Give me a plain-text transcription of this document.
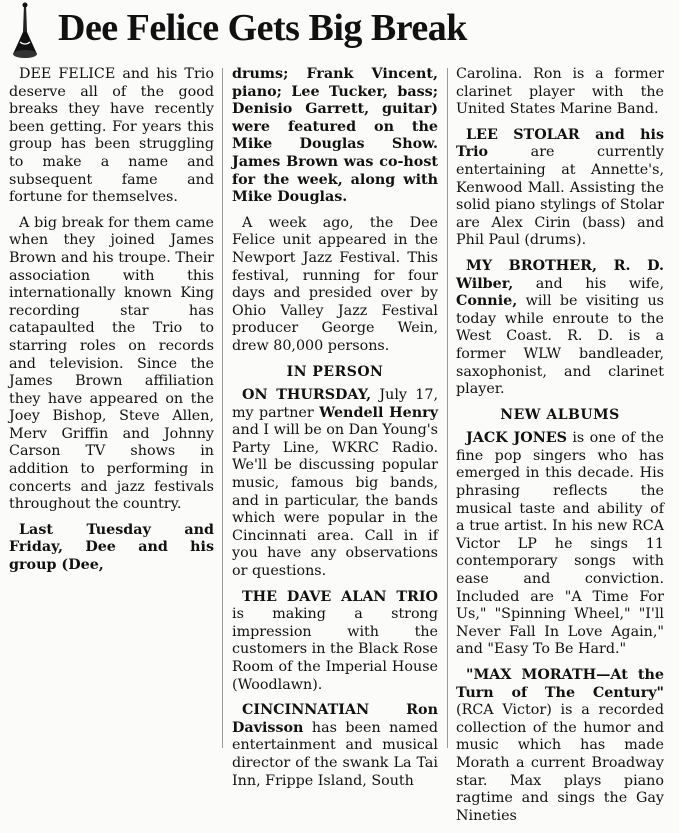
Dee Felice Gets Big Break

DEE FELICE and his Trio deserve all of the good breaks they have recently been getting. For years this group has been struggling to make a name and subsequent fame and fortune for themselves.

A big break for them came when they joined James Brown and his troupe. Their association with this internationally known King recording star has catapaulted the Trio to starring roles on records and television. Since the James Brown affiliation they have appeared on the Joey Bishop, Steve Allen, Merv Griffin and Johnny Carson TV shows in addition to performing in concerts and jazz festivals throughout the country.

Last Tuesday and Friday, Dee and his group (Dee,

drums; Frank Vincent, piano; Lee Tucker, bass; Denisio Garrett, guitar) were featured on the Mike Douglas Show. James Brown was co-host for the week, along with Mike Douglas.

A week ago, the Dee Felice unit appeared in the Newport Jazz Festival. This festival, running for four days and presided over by Ohio Valley Jazz Festival producer George Wein, drew 80,000 persons.

IN PERSON

ON THURSDAY, July 17, my partner Wendell Henry and I will be on Dan Young's Party Line, WKRC Radio. We'll be discussing popular music, famous big bands, and in particular, the bands which were popular in the Cincinnati area. Call in if you have any observations or questions.

THE DAVE ALAN TRIO is making a strong impression with the customers in the Black Rose Room of the Imperial House (Woodlawn).

CINCINNATIAN Ron Davisson has been named entertainment and musical director of the swank La Tai Inn, Frippe Island, South

Carolina. Ron is a former clarinet player with the United States Marine Band.

LEE STOLAR and his Trio are currently entertaining at Annette's, Kenwood Mall. Assisting the solid piano stylings of Stolar are Alex Cirin (bass) and Phil Paul (drums).

MY BROTHER, R. D. Wilber, and his wife, Connie, will be visiting us today while enroute to the West Coast. R. D. is a former WLW bandleader, saxophonist, and clarinet player.

NEW ALBUMS

JACK JONES is one of the fine pop singers who has emerged in this decade. His phrasing reflects the musical taste and ability of a true artist. In his new RCA Victor LP he sings 11 contemporary songs with ease and conviction. Included are "A Time For Us," "Spinning Wheel," "I'll Never Fall In Love Again," and "Easy To Be Hard."

"MAX MORATH—At the Turn of The Century" (RCA Victor) is a recorded collection of the humor and music which has made Morath a current Broadway star. Max plays piano ragtime and sings the Gay Nineties
